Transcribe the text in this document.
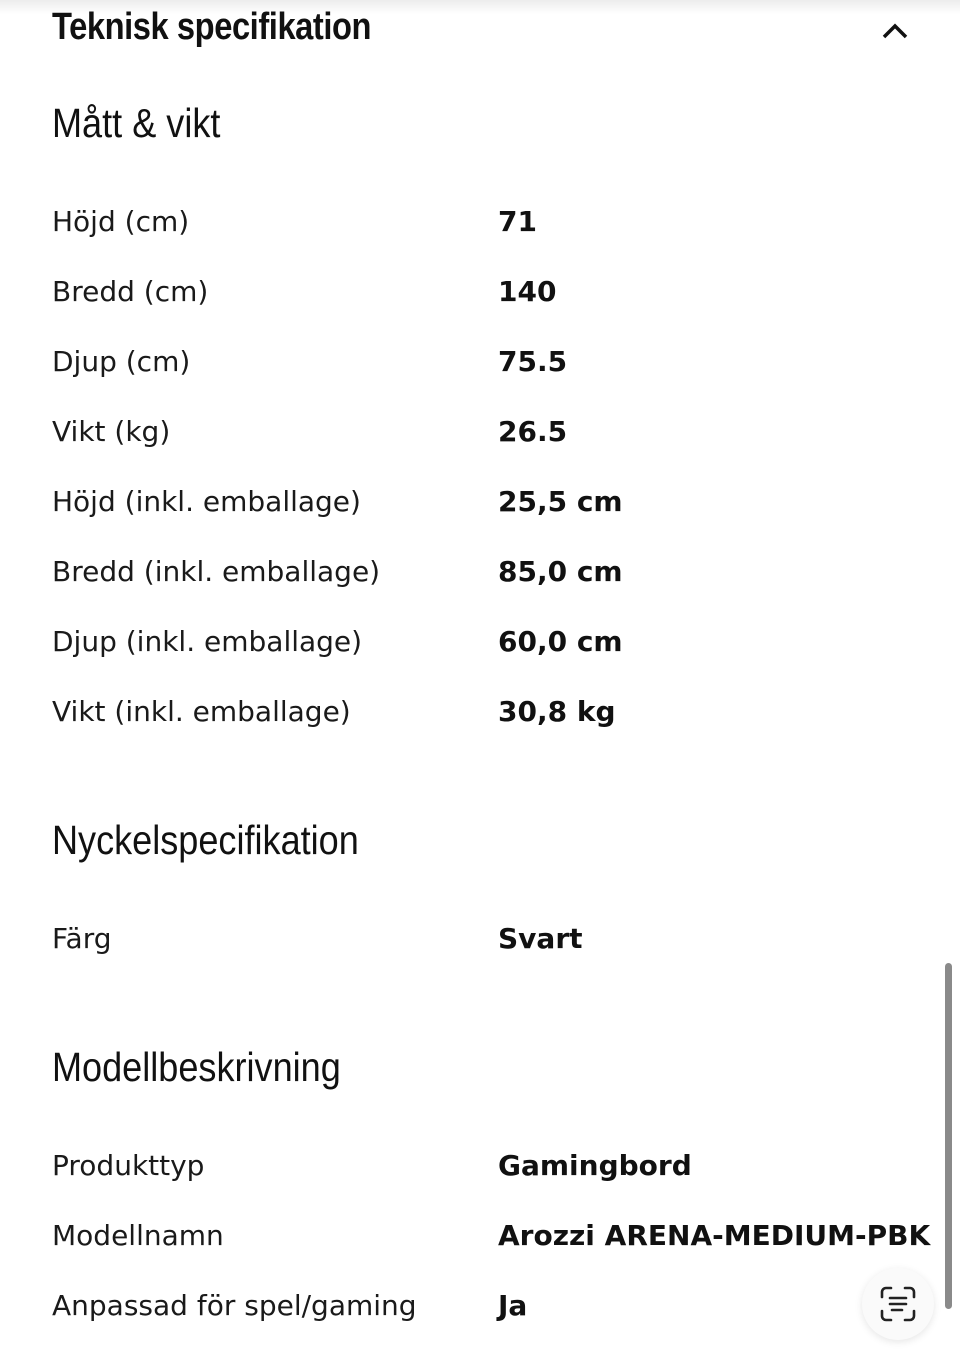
Teknisk specifikation
Mått & vikt
Höjd (cm)	71
Bredd (cm)	140
Djup (cm)	75.5
Vikt (kg)	26.5
Höjd (inkl. emballage)	25,5 cm
Bredd (inkl. emballage)	85,0 cm
Djup (inkl. emballage)	60,0 cm
Vikt (inkl. emballage)	30,8 kg
Nyckelspecifikation
Färg	Svart
Modellbeskrivning
Produkttyp	Gamingbord
Modellnamn	Arozzi ARENA-MEDIUM-PBK
Anpassad för spel/gaming	Ja
